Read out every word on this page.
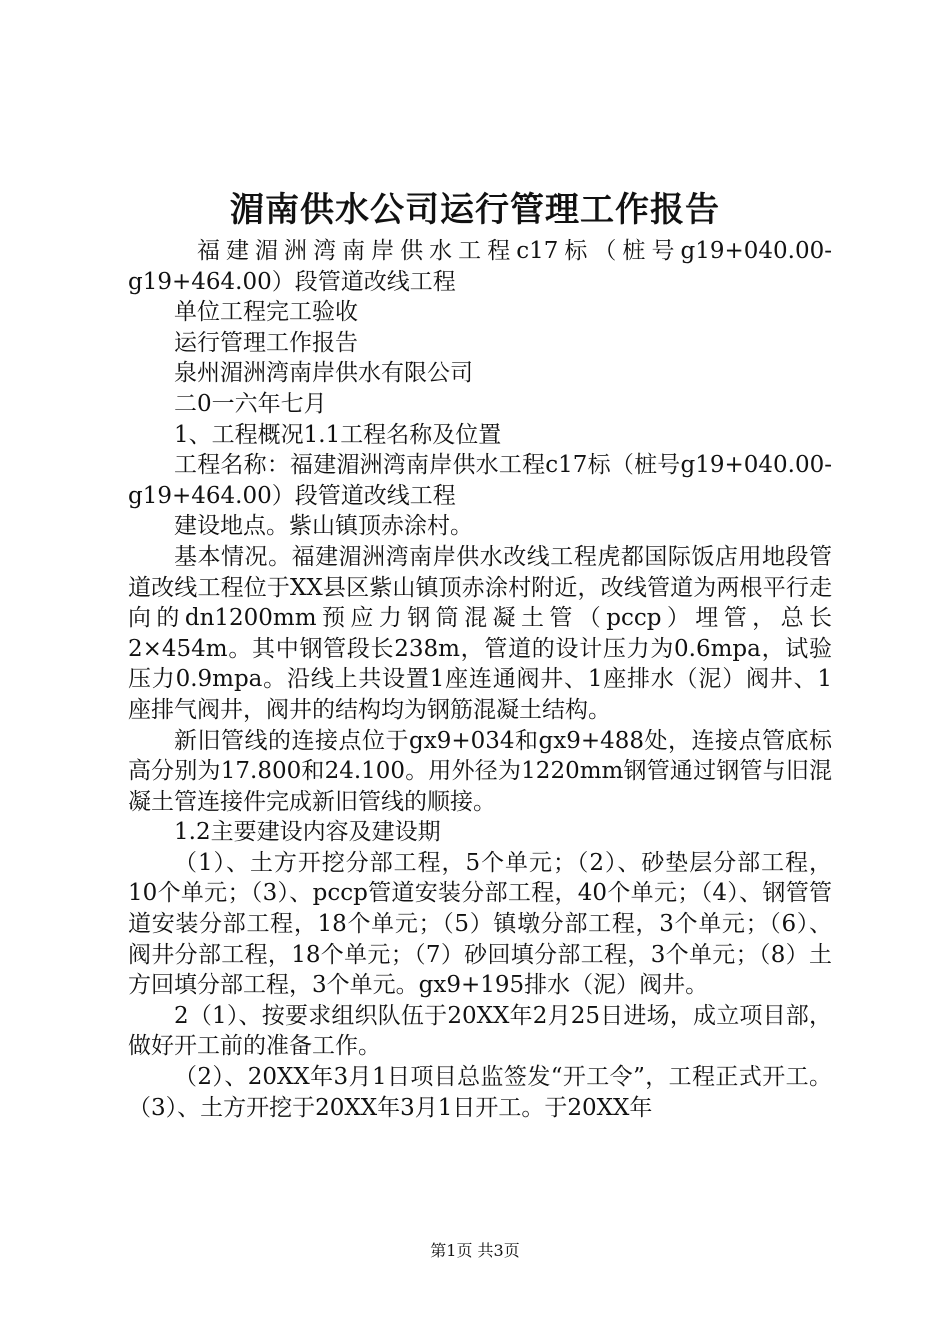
湄南供水公司运行管理工作报告

福建湄洲湾南岸供水工程c17标（桩号g19+040.00-g19+464.00）段管道改线工程

单位工程完工验收

运行管理工作报告

泉州湄洲湾南岸供水有限公司

二0一六年七月

1、工程概况1.1工程名称及位置

工程名称：福建湄洲湾南岸供水工程c17标（桩号g19+040.00-g19+464.00）段管道改线工程

建设地点。紫山镇顶赤涂村。

基本情况。福建湄洲湾南岸供水改线工程虎都国际饭店用地段管道改线工程位于XX县区紫山镇顶赤涂村附近，改线管道为两根平行走向的dn1200mm预应力钢筒混凝土管（pccp）埋管，总长2×454m。其中钢管段长238m，管道的设计压力为0.6mpa，试验压力0.9mpa。沿线上共设置1座连通阀井、1座排水（泥）阀井、1座排气阀井，阀井的结构均为钢筋混凝土结构。

新旧管线的连接点位于gx9+034和gx9+488处，连接点管底标高分别为17.800和24.100。用外径为1220mm钢管通过钢管与旧混凝土管连接件完成新旧管线的顺接。

1.2主要建设内容及建设期

（1）、土方开挖分部工程，5个单元；（2）、砂垫层分部工程，10个单元；（3）、pccp管道安装分部工程，40个单元；（4）、钢管管道安装分部工程，18个单元；（5）镇墩分部工程，3个单元；（6）、阀井分部工程，18个单元；（7）砂回填分部工程，3个单元；（8）土方回填分部工程，3个单元。gx9+195排水（泥）阀井。

2（1）、按要求组织队伍于20XX年2月25日进场，成立项目部，做好开工前的准备工作。

（2）、20XX年3月1日项目总监签发“开工令”，工程正式开工。（3）、土方开挖于20XX年3月1日开工。于20XX年

第1页 共3页
